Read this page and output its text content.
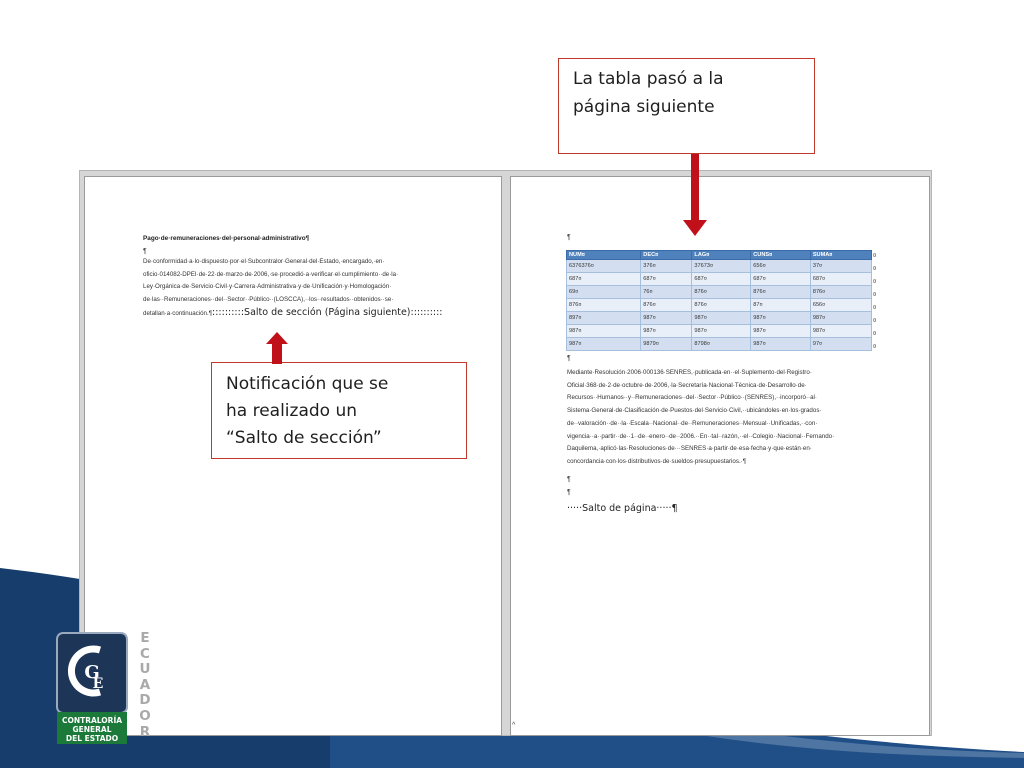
Pago·de·remuneraciones·del·personal·administrativo¶
¶
De·conformidad·a·lo·dispuesto·por·el·Subcontralor·General·del·Estado,·encargado,·en·
oficio·014082-DPEI·de·22·de·marzo·de·2006,·se·procedió·a·verificar·el·cumplimiento··de·la·
Ley·Orgánica·de·Servicio·Civil·y·Carrera·Administrativa·y·de·Unificación·y·Homologación·
de·las··Remuneraciones··del··Sector··Público··(LOSCCA),··los··resultados··obtenidos··se·
detallan·a·continuación.¶::::::::::Salto de sección (Página siguiente)::::::::::
¶
NUM¤	DEC¤	LAG¤	CUNS¤	SUMA¤
6376376¤	376¤	37673¤	656¤	37¤
687¤	687¤	687¤	687¤	687¤
69¤	76¤	876¤	876¤	876¤
876¤	876¤	876¤	87¤	656¤
897¤	987¤	987¤	987¤	987¤
987¤	987¤	987¤	987¤	987¤
987¤	9879¤	8798¤	987¤	97¤
¤
¤
¤
¤
¤
¤
¤
¤
¶
Mediante·Resolución·2006·000136·SENRES,·publicada·en··el·Suplemento·del·Registro·
Oficial·368·de·2·de·octubre·de·2006,·la·Secretaría·Nacional·Técnica·de·Desarrollo·de·
Recursos··Humanos··y··Remuneraciones··del··Sector··Público··(SENRES),··incorporó··al·
Sistema·General·de·Clasificación·de·Puestos·del·Servicio·Civil,··ubicándoles·en·los·grados·
de··valoración··de··la··Escala··Nacional··de··Remuneraciones··Mensual··Unificadas,··con·
vigencia··a··partir··de··1··de··enero··de··2006.··En··tal··razón,··el··Colegio··Nacional··Fernando·
Daquilema,·aplicó·las·Resoluciones·de···SENRES·a·partir·de·esa·fecha·y·que·están·en·
concordancia·con·los·distributivos·de·sueldos·presupuestarios.·¶
¶
¶
·····Salto de página·····¶
^
La tabla pasó a la
página siguiente
Notificación que se
ha realizado un
“Salto de sección”
G
E
CONTRALORÍA
GENERAL
DEL ESTADO
E
C
U
A
D
O
R
